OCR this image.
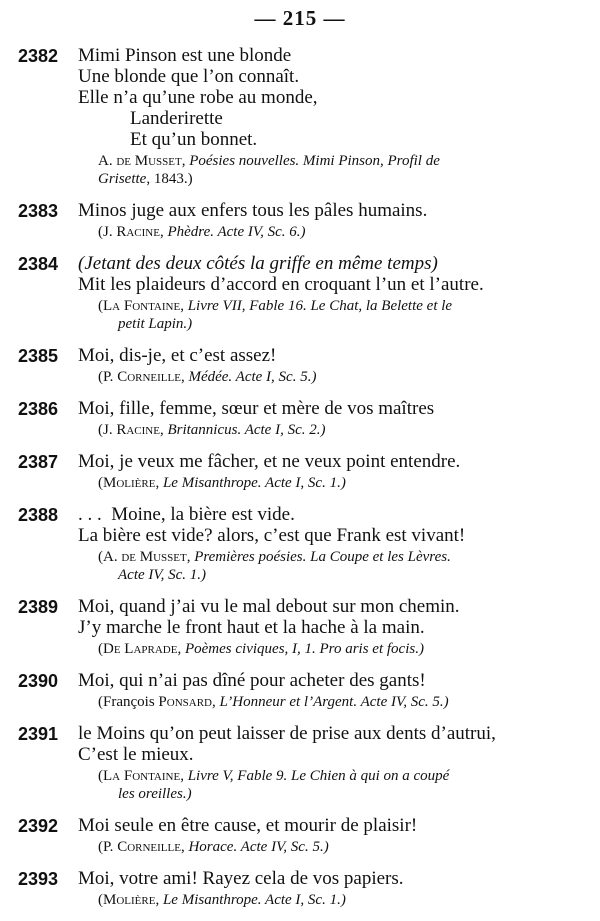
— 215 —
2382 Mimi Pinson est une blonde
Une blonde que l’on connaît.
Elle n’a qu’une robe au monde,
Landerirette
Et qu’un bonnet.
A. de Musset, Poésies nouvelles. Mimi Pinson, Profil de
Grisette, 1843.)
2383 Minos juge aux enfers tous les pâles humains.
(J. Racine, Phèdre. Acte IV, Sc. 6.)
2384 (Jetant des deux côtés la griffe en même temps)
Mit les plaideurs d’accord en croquant l’un et l’autre.
(La Fontaine, Livre VII, Fable 16. Le Chat, la Belette et le
petit Lapin.)
2385 Moi, dis-je, et c’est assez!
(P. Corneille, Médée. Acte I, Sc. 5.)
2386 Moi, fille, femme, sœur et mère de vos maîtres
(J. Racine, Britannicus. Acte I, Sc. 2.)
2387 Moi, je veux me fâcher, et ne veux point entendre.
(Molière, Le Misanthrope. Acte I, Sc. 1.)
2388 . . .  Moine, la bière est vide.
La bière est vide? alors, c’est que Frank est vivant!
(A. de Musset, Premières poésies. La Coupe et les Lèvres.
Acte IV, Sc. 1.)
2389 Moi, quand j’ai vu le mal debout sur mon chemin.
J’y marche le front haut et la hache à la main.
(De Laprade, Poèmes civiques, I, 1. Pro aris et focis.)
2390 Moi, qui n’ai pas dîné pour acheter des gants!
(François Ponsard, L’Honneur et l’Argent. Acte IV, Sc. 5.)
2391 le Moins qu’on peut laisser de prise aux dents d’autrui,
C’est le mieux.
(La Fontaine, Livre V, Fable 9. Le Chien à qui on a coupé
les oreilles.)
2392 Moi seule en être cause, et mourir de plaisir!
(P. Corneille, Horace. Acte IV, Sc. 5.)
2393 Moi, votre ami! Rayez cela de vos papiers.
(Molière, Le Misanthrope. Acte I, Sc. 1.)
